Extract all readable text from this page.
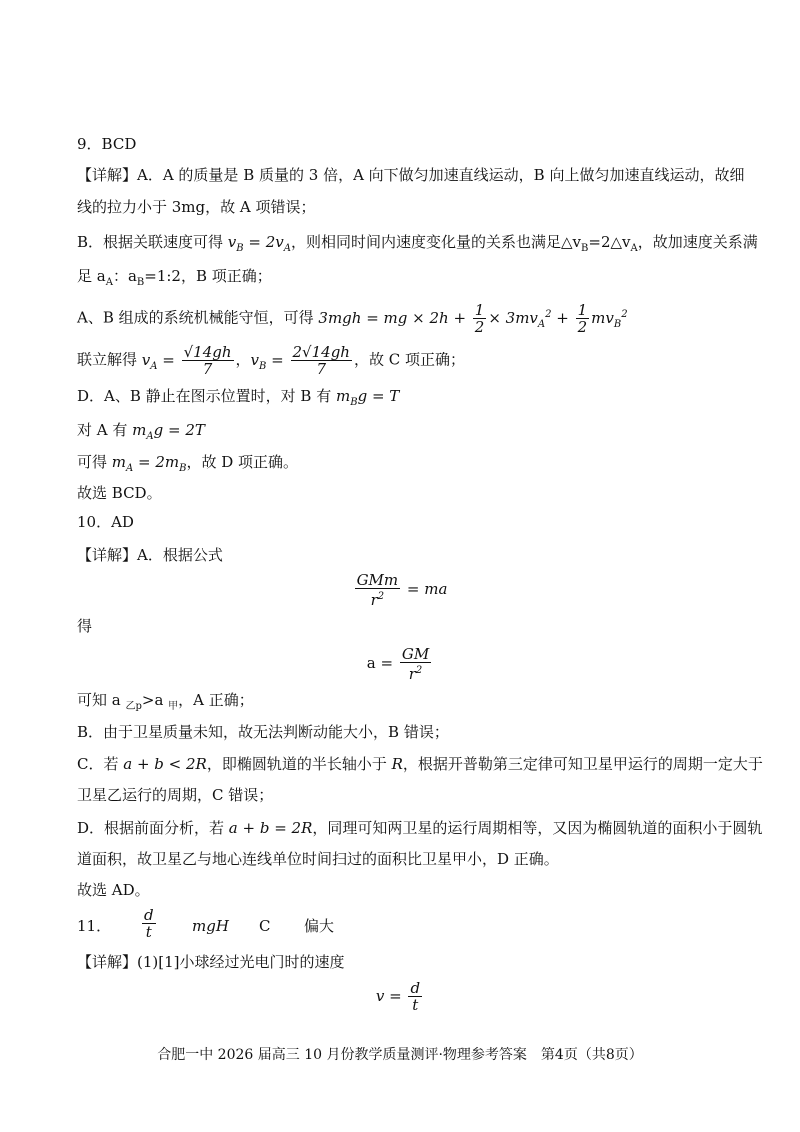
9．BCD
【详解】A．A 的质量是 B 质量的 3 倍，A 向下做匀加速直线运动，B 向上做匀加速直线运动，故细
线的拉力小于 3mg，故 A 项错误；
B．根据关联速度可得 $v_B = 2v_A$，则相同时间内速度变化量的关系也满足$\triangle v_B=2\triangle v_A$，故加速度关系满
足 $a_A$：$a_B=1:2$，B 项正确；
A、B 组成的系统机械能守恒，可得 3mgh = mg × $2h + \frac{1}{2} \times 3mv_A^2 + \frac{1}{2} mv_B^2$
联立解得 $v_A = \frac{√14gh}{7}$ ，$v_B = \frac{2√14gh}{7}$ ，故 C 项正确；
D．A、B 静止在图示位置时，对 B 有 $m_Bg = T$
对 A 有 $m_Ag = 2T$
可得 $m_A = 2m_B$，故 D 项正确。
故选 BCD。
10．AD
【详解】A．根据公式
$\frac{\text{GMm}}{r^2}$ = ma
得
$a = \frac{GM}{r^2}$
可知 a $_{乙p}$>a $_甲$，A 正确；
B．由于卫星质量未知，故无法判断动能大小，B 错误；
C．若 a + b < 2R，即椭圆轨道的半长轴小于 R，根据开普勒第三定律可知卫星甲运行的周期一定大于
卫星乙运行的周期，C 错误；
D．根据前面分析，若 a + b = 2R，同理可知两卫星的运行周期相等，又因为椭圆轨道的面积小于圆轨
道面积，故卫星乙与地心连线单位时间扫过的面积比卫星甲小，D 正确。
故选 AD。
11． $\frac{d}{t}$ mgH C 偏大
【详解】(1)[1]小球经过光电门时的速度
$v = \frac{d}{t}$
合肥一中 2026 届高三 10 月份教学质量测评·物理参考答案　第4页（共8页）
